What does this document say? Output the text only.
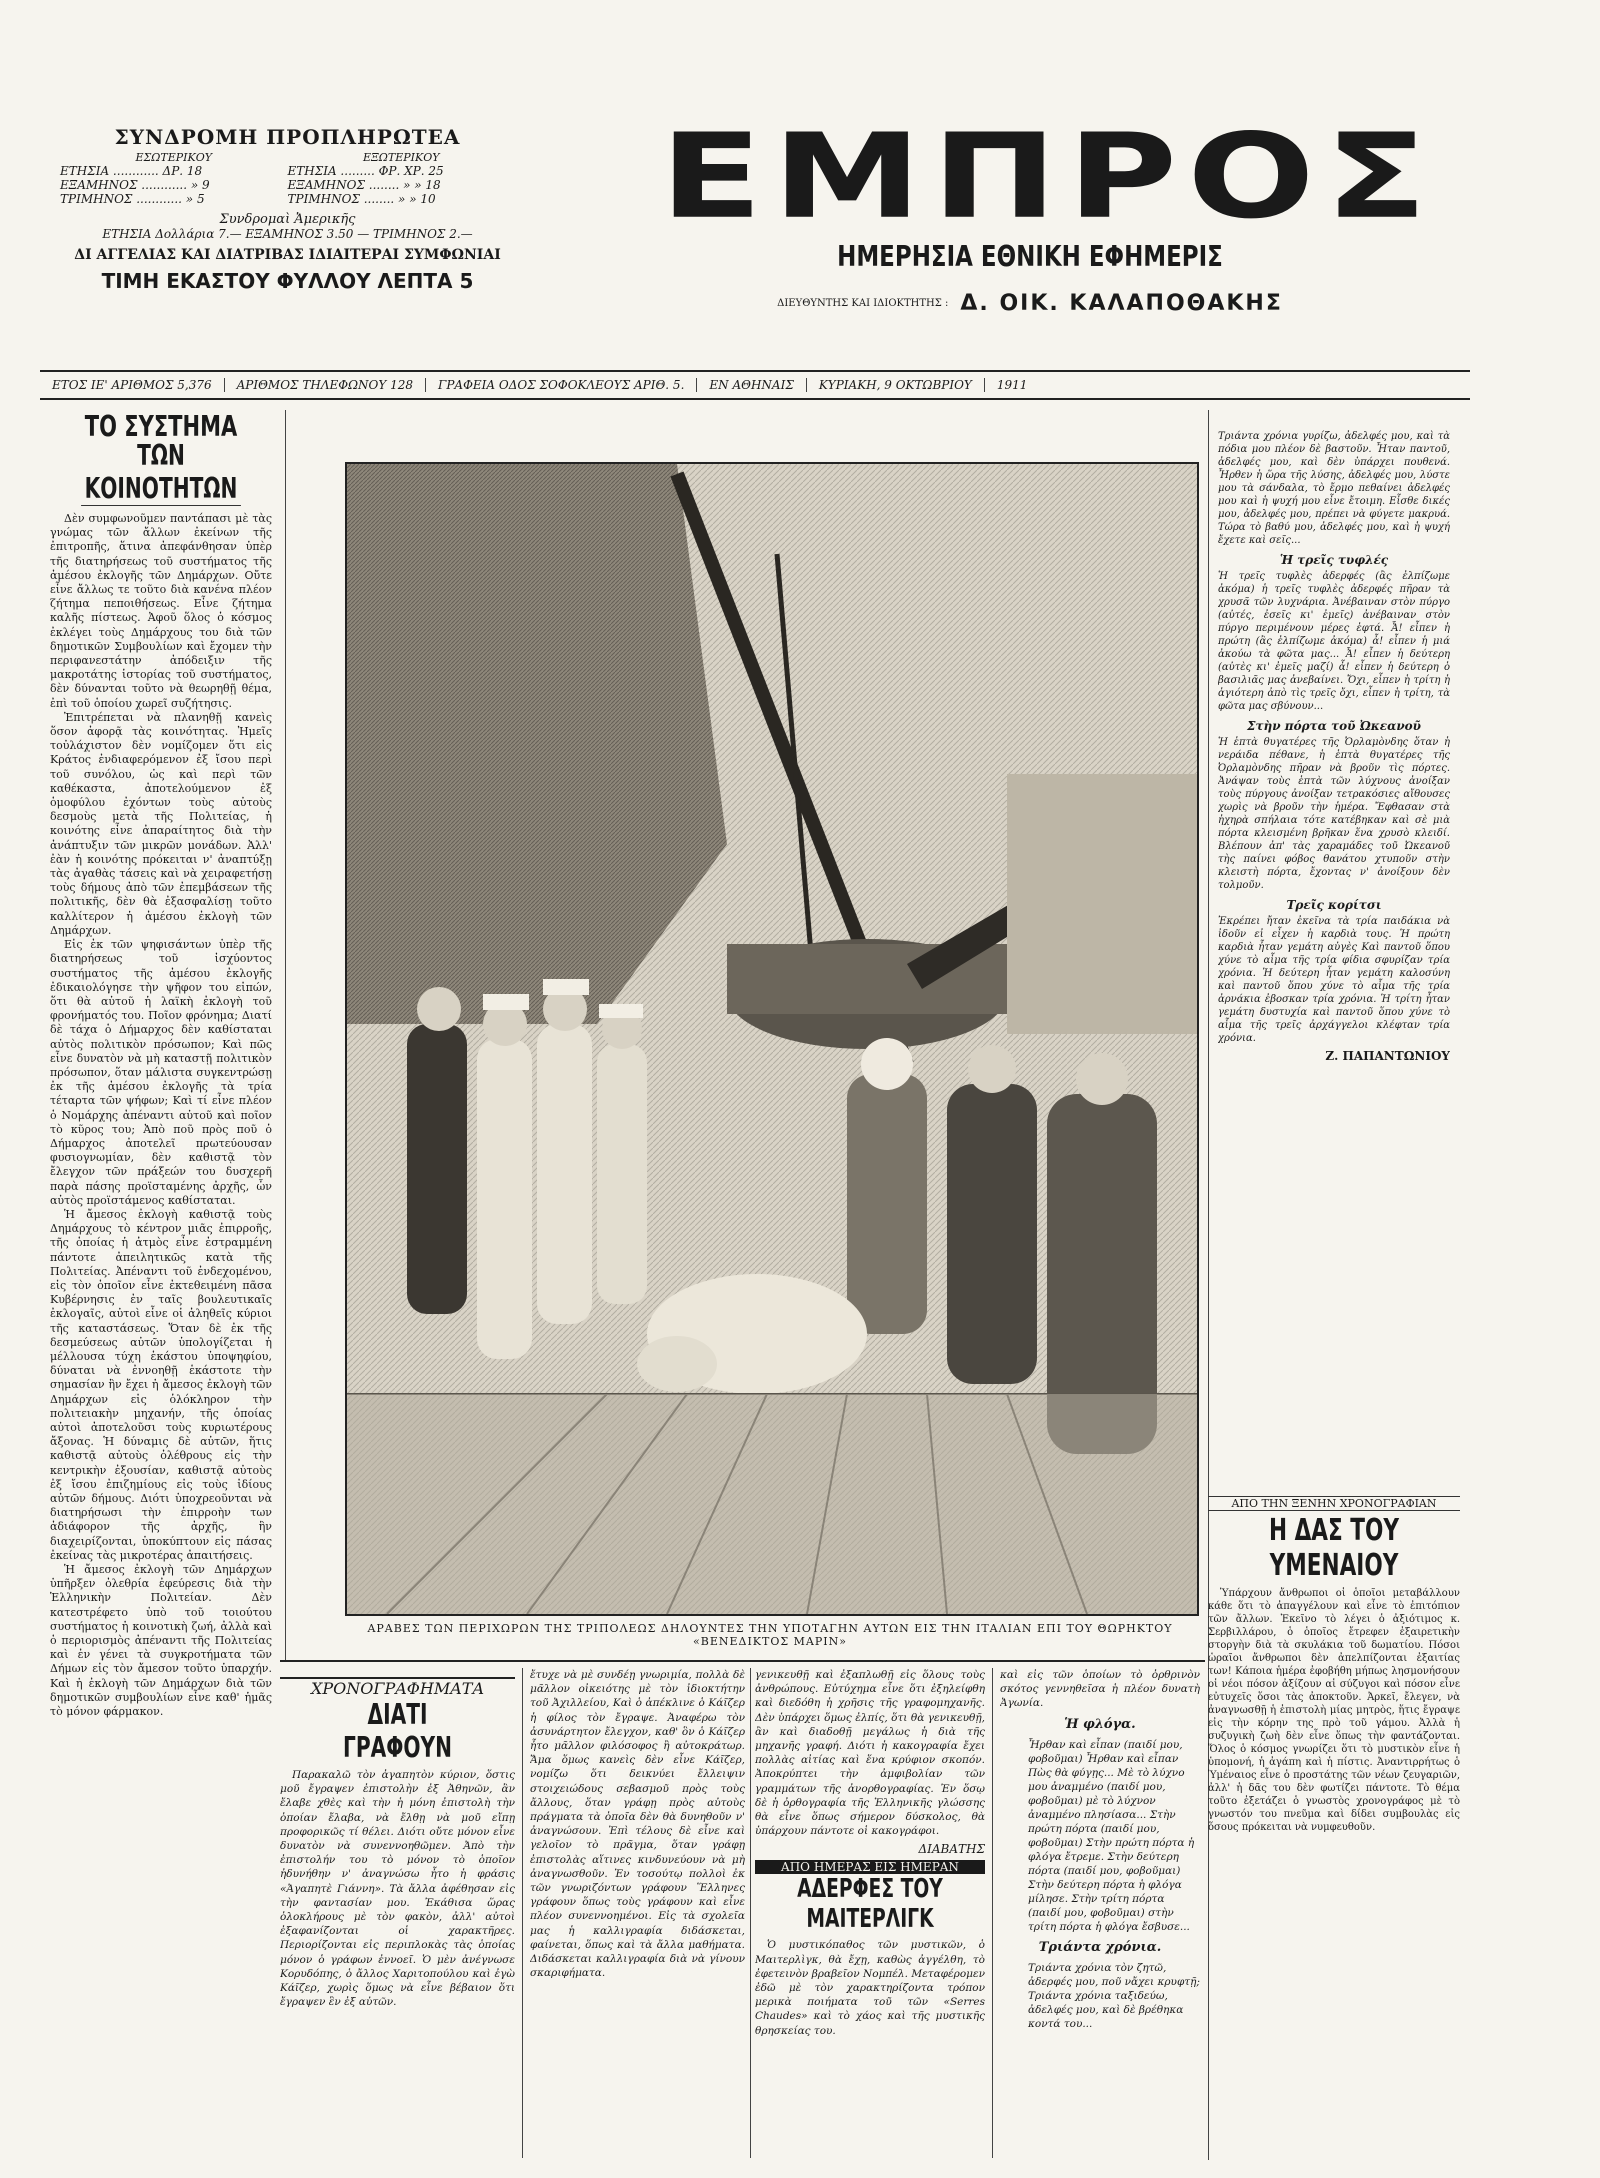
ΣΥΝΔΡΟΜΗ ΠΡΟΠΛΗΡΩΤΕΑ
ΕΣΩΤΕΡΙΚΟΥ	ΕΞΩΤΕΡΙΚΟΥ
ΕΤΗΣΙΑ ............ ΔΡ. 18	ΕΤΗΣΙΑ ......... ΦΡ. ΧΡ. 25
ΕΞΑΜΗΝΟΣ ............ » 9	ΕΞΑΜΗΝΟΣ ........ » » 18
ΤΡΙΜΗΝΟΣ ............ » 5	ΤΡΙΜΗΝΟΣ ........ » » 10
Συνδρομαὶ Ἀμερικῆς
ΕΤΗΣΙΑ Δολλάρια 7.— ΕΞΑΜΗΝΟΣ 3.50 — ΤΡΙΜΗΝΟΣ 2.—
ΔΙ ΑΓΓΕΛΙΑΣ ΚΑΙ ΔΙΑΤΡΙΒΑΣ ΙΔΙΑΙΤΕΡΑΙ ΣΥΜΦΩΝΙΑΙ
ΤΙΜΗ ΕΚΑΣΤΟΥ ΦΥΛΛΟΥ ΛΕΠΤΑ 5
ΕΜΠΡΟΣ
ΗΜΕΡΗΣΙΑ ΕΘΝΙΚΗ ΕΦΗΜΕΡΙΣ
ΔΙΕΥΘΥΝΤΗΣ ΚΑΙ ΙΔΙΟΚΤΗΤΗΣ : Δ. ΟΙΚ. ΚΑΛΑΠΟΘΑΚΗΣ
ΕΤΟΣ ΙΕ' ΑΡΙΘΜΟΣ 5,376	ΑΡΙΘΜΟΣ ΤΗΛΕΦΩΝΟΥ 128	ΓΡΑΦΕΙΑ ΟΔΟΣ ΣΟΦΟΚΛΕΟΥΣ ΑΡΙΘ. 5.	ΕΝ ΑΘΗΝΑΙΣ	ΚΥΡΙΑΚΗ, 9 ΟΚΤΩΒΡΙΟΥ	1911
ΤΟ ΣΥΣΤΗΜΑ
ΤΩΝ ΚΟΙΝΟΤΗΤΩΝ

Δὲν συμφωνοῦμεν παντάπασι μὲ τὰς γνώμας τῶν ἄλλων ἐκείνων τῆς ἐπιτροπῆς, ἅτινα ἀπεφάνθησαν ὑπὲρ τῆς διατηρήσεως τοῦ συστήματος τῆς ἀμέσου ἐκλογῆς τῶν Δημάρχων. Οὔτε εἶνε ἄλλως τε τοῦτο διὰ κανένα πλέον ζήτημα πεποιθήσεως. Εἶνε ζήτημα καλῆς πίστεως. Ἀφοῦ ὅλος ὁ κόσμος ἐκλέγει τοὺς Δημάρχους του διὰ τῶν δημοτικῶν Συμβουλίων καὶ ἔχομεν τὴν περιφανεστάτην ἀπόδειξιν τῆς μακροτάτης ἱστορίας τοῦ συστήματος, δὲν δύνανται τοῦτο νὰ θεωρηθῇ θέμα, ἐπὶ τοῦ ὁποίου χωρεῖ συζήτησις.

Ἐπιτρέπεται νὰ πλανηθῇ κανεὶς ὅσον ἀφορᾷ τὰς κοινότητας. Ἡμεῖς τοὐλάχιστον δὲν νομίζομεν ὅτι εἰς Κράτος ἐνδιαφερόμενον ἐξ ἴσου περὶ τοῦ συνόλου, ὡς καὶ περὶ τῶν καθέκαστα, ἀποτελούμενον ἐξ ὁμοφύλου ἐχόντων τοὺς αὐτοὺς δεσμοὺς μετὰ τῆς Πολιτείας, ἡ κοινότης εἶνε ἀπαραίτητος διὰ τὴν ἀνάπτυξιν τῶν μικρῶν μονάδων. Ἀλλ' ἐὰν ἡ κοινότης πρόκειται ν' ἀναπτύξῃ τὰς ἀγαθὰς τάσεις καὶ νὰ χειραφετήσῃ τοὺς δήμους ἀπὸ τῶν ἐπεμβάσεων τῆς πολιτικῆς, δὲν θὰ ἐξασφαλίσῃ τοῦτο καλλίτερον ἡ ἀμέσου ἐκλογὴ τῶν Δημάρχων.

Εἰς ἐκ τῶν ψηφισάντων ὑπὲρ τῆς διατηρήσεως τοῦ ἰσχύοντος συστήματος τῆς ἀμέσου ἐκλογῆς ἐδικαιολόγησε τὴν ψῆφον του εἰπών, ὅτι θὰ αὐτοῦ ἡ λαϊκὴ ἐκλογὴ τοῦ φρονήματός του. Ποῖον φρόνημα; Διατί δὲ τάχα ὁ Δήμαρχος δὲν καθίσταται αὐτὸς πολιτικὸν πρόσωπον; Καὶ πῶς εἶνε δυνατὸν νὰ μὴ καταστῇ πολιτικὸν πρόσωπον, ὅταν μάλιστα συγκεντρώσῃ ἐκ τῆς ἀμέσου ἐκλογῆς τὰ τρία τέταρτα τῶν ψήφων; Καὶ τί εἶνε πλέον ὁ Νομάρχης ἀπέναντι αὐτοῦ καὶ ποῖον τὸ κῦρος του; Ἀπὸ ποῦ πρὸς ποῦ ὁ Δήμαρχος ἀποτελεῖ πρωτεύουσαν φυσιογνωμίαν, δὲν καθιστᾷ τὸν ἔλεγχον τῶν πράξεών του δυσχερῆ παρὰ πάσης προϊσταμένης ἀρχῆς, ὧν αὐτὸς προϊστάμενος καθίσταται.

Ἡ ἄμεσος ἐκλογὴ καθιστᾷ τοὺς Δημάρχους τὸ κέντρον μιᾶς ἐπιρροῆς, τῆς ὁποίας ἡ ἀτμὸς εἶνε ἐστραμμένη πάντοτε ἀπειλητικῶς κατὰ τῆς Πολιτείας. Ἀπέναντι τοῦ ἐνδεχομένου, εἰς τὸν ὁποῖον εἶνε ἐκτεθειμένη πᾶσα Κυβέρνησις ἐν ταῖς βουλευτικαῖς ἐκλογαῖς, αὐτοὶ εἶνε οἱ ἀληθεῖς κύριοι τῆς καταστάσεως. Ὅταν δὲ ἐκ τῆς δεσμεύσεως αὐτῶν ὑπολογίζεται ἡ μέλλουσα τύχη ἑκάστου ὑποψηφίου, δύναται νὰ ἐννοηθῇ ἑκάστοτε τὴν σημασίαν ἣν ἔχει ἡ ἄμεσος ἐκλογὴ τῶν Δημάρχων εἰς ὁλόκληρον τὴν πολιτειακὴν μηχανήν, τῆς ὁποίας αὐτοὶ ἀποτελοῦσι τοὺς κυριωτέρους ἄξονας. Ἡ δύναμις δὲ αὐτῶν, ἥτις καθιστᾷ αὐτοὺς ὀλέθρους εἰς τὴν κεντρικὴν ἐξουσίαν, καθιστᾷ αὐτοὺς ἐξ ἴσου ἐπιζημίους εἰς τοὺς ἰδίους αὐτῶν δήμους. Διότι ὑποχρεοῦνται νὰ διατηρήσωσι τὴν ἐπιρροὴν των ἀδιάφορον τῆς ἀρχῆς, ἣν διαχειρίζονται, ὑποκύπτουν εἰς πάσας ἐκείνας τὰς μικροτέρας ἀπαιτήσεις.

Ἡ ἄμεσος ἐκλογὴ τῶν Δημάρχων ὑπῆρξεν ὀλεθρία ἐφεύρεσις διὰ τὴν Ἑλληνικὴν Πολιτείαν. Δὲν κατεστρέφετο ὑπὸ τοῦ τοιούτου συστήματος ἡ κοινοτικὴ ζωή, ἀλλὰ καὶ ὁ περιορισμὸς ἀπέναντι τῆς Πολιτείας καὶ ἐν γένει τὰ συγκροτήματα τῶν Δήμων εἰς τὸν ἄμεσον τοῦτο ὑπαρχήν. Καὶ ἡ ἐκλογὴ τῶν Δημάρχων διὰ τῶν δημοτικῶν συμβουλίων εἶνε καθ' ἡμᾶς τὸ μόνον φάρμακον.

ΑΡΑΒΕΣ ΤΩΝ ΠΕΡΙΧΩΡΩΝ ΤΗΣ ΤΡΙΠΟΛΕΩΣ ΔΗΛΟΥΝΤΕΣ ΤΗΝ ΥΠΟΤΑΓΗΝ ΑΥΤΩΝ ΕΙΣ ΤΗΝ ΙΤΑΛΙΑΝ ΕΠΙ ΤΟΥ ΘΩΡΗΚΤΟΥ «ΒΕΝΕΔΙΚΤΟΣ ΜΑΡΙΝ»
Τριάντα χρόνια γυρίζω, ἀδελφές μου, καὶ τὰ πόδια μου πλέον δὲ βαστοῦν. Ἦταν παντοῦ, ἀδελφές μου, καὶ δὲν ὑπάρχει πουθενά. Ἦρθεν ἡ ὥρα τῆς λύσης, ἀδελφές μου, λύστε μου τὰ σάνδαλα, τὸ ἔρμο πεθαίνει ἀδελφές μου καὶ ἡ ψυχή μου εἶνε ἔτοιμη. Εἶσθε δικές μου, ἀδελφές μου, πρέπει νὰ φύγετε μακρυά. Τώρα τὸ βαθύ μου, ἀδελφές μου, καὶ ἡ ψυχή ἔχετε καὶ σεῖς...
Ἡ τρεῖς τυφλές
Ἡ τρεῖς τυφλὲς ἀδερφές (ἂς ἐλπίζωμε ἀκόμα) ἡ τρεῖς τυφλὲς ἀδερφές πῆραν τὰ χρυσᾶ τῶν λυχνάρια. Ἀνέβαιναν στὸν πύργο (αὐτές, ἐσεῖς κι' ἐμεῖς) ἀνέβαιναν στὸν πύργο περιμένουν μέρες ἑφτά. Ἆ! εἶπεν ἡ πρώτη (ἂς ἐλπίζωμε ἀκόμα) ἆ! εἶπεν ἡ μιά ἀκούω τὰ φῶτα μας... Ἆ! εἶπεν ἡ δεύτερη (αὐτὲς κι' ἐμεῖς μαζί) ἆ! εἶπεν ἡ δεύτερη ὁ βασιλιᾶς μας ἀνεβαίνει. Ὄχι, εἶπεν ἡ τρίτη ἡ ἁγιότερη ἀπὸ τὶς τρεῖς ὄχι, εἶπεν ἡ τρίτη, τὰ φῶτα μας σβύνουν...
Στὴν πόρτα τοῦ Ὠκεανοῦ
Ἡ ἑπτὰ θυγατέρες τῆς Ὀρλαμὸνδης ὅταν ἡ νεράιδα πέθανε, ἡ ἑπτὰ θυγατέρες τῆς Ὀρλαμὸνδης πῆραν νὰ βροῦν τὶς πόρτες. Ἀνάψαν τοὺς ἑπτὰ τῶν λύχνους ἀνοίξαν τοὺς πύργους ἀνοίξαν τετρακόσιες αἴθουσες χωρὶς νὰ βροῦν τὴν ἡμέρα. Ἔφθασαν στὰ ἠχηρὰ σπήλαια τότε κατέβηκαν καὶ σὲ μιὰ πόρτα κλεισμένη βρῆκαν ἕνα χρυσὸ κλειδί. Βλέπουν ἀπ' τὰς χαραμάδες τοῦ Ὠκεανοῦ τὴς παίνει φόβος θανάτου χτυποῦν στὴν κλειστὴ πόρτα, ἔχοντας ν' ἀνοίξουν δὲν τολμοῦν.
Τρεῖς κορίτσι
Ἐκρέπει ἤταν ἐκεῖνα τὰ τρία παιδάκια νὰ ἰδοῦν εἰ εἶχεν ἡ καρδιὰ τους. Ἡ πρώτη καρδιὰ ἦταν γεμάτη αὐγὲς Καὶ παντοῦ ὅπου χύνε τὸ αἷμα τῆς τρία φίδια σφυρίζαν τρία χρόνια. Ἡ δεύτερη ἦταν γεμάτη καλοσύνη καὶ παντοῦ ὅπου χύνε τὸ αἷμα τῆς τρία ἀρνάκια ἐβοσκαν τρία χρόνια. Ἡ τρίτη ἦταν γεμάτη δυστυχία καὶ παντοῦ ὅπου χύνε τὸ αἷμα τῆς τρεῖς ἀρχάγγελοι κλέφταν τρία χρόνια.
Ζ. ΠΑΠΑΝΤΩΝΙΟΥ
ΑΠΟ ΤΗΝ ΞΕΝΗΝ ΧΡΟΝΟΓΡΑΦΙΑΝ
Η ΔΑΣ ΤΟΥ ΥΜΕΝΑΙΟΥ

Ὑπάρχουν ἄνθρωποι οἱ ὁποῖοι μεταβάλλουν κάθε ὅτι τὸ ἀπαγγέλουν καὶ εἶνε τὸ ἐπιτόπιον τῶν ἄλλων. Ἐκεῖνο τὸ λέγει ὁ ἀξιότιμος κ. Σερβιλλάρου, ὁ ὁποῖος ἔτρεφεν ἐξαιρετικὴν στοργὴν διὰ τὰ σκυλάκια τοῦ δωματίου. Πόσοι ὡραῖοι ἄνθρωποι δὲν ἀπελπίζονται ἐξαιτίας των! Κάποια ἡμέρα ἐφοβήθη μήπως λησμονήσουν οἱ νέοι πόσον ἀξίζουν αἱ σύζυγοι καὶ πόσον εἶνε εὐτυχεῖς ὅσοι τὰς ἀποκτοῦν. Ἀρκεῖ, ἔλεγεν, νὰ ἀναγνωσθῇ ἡ ἐπιστολὴ μίας μητρὸς, ἥτις ἔγραψε εἰς τὴν κόρην της πρὸ τοῦ γάμου. Ἀλλὰ ἡ συζυγικὴ ζωὴ δὲν εἶνε ὅπως τὴν φαντάζονται. Ὅλος ὁ κόσμος γνωρίζει ὅτι τὸ μυστικὸν εἶνε ἡ ὑπομονή, ἡ ἀγάπη καὶ ἡ πίστις. Ἀναντιρρήτως ὁ Ὑμέναιος εἶνε ὁ προστάτης τῶν νέων ζευγαριῶν, ἀλλ' ἡ δᾶς του δὲν φωτίζει πάντοτε. Τὸ θέμα τοῦτο ἐξετάζει ὁ γνωστὸς χρονογράφος μὲ τὸ γνωστόν του πνεῦμα καὶ δίδει συμβουλὰς εἰς ὅσους πρόκειται νὰ νυμφευθοῦν.

ΧΡΟΝΟΓΡΑΦΗΜΑΤΑ
ΔΙΑΤΙ ΓΡΑΦΟΥΝ

Παρακαλῶ τὸν ἀγαπητὸν κύριον, ὅστις μοῦ ἔγραψεν ἐπιστολὴν ἐξ Ἀθηνῶν, ἂν ἔλαβε χθὲς καὶ τὴν ἡ μόνη ἐπιστολὴ τὴν ὁποίαν ἔλαβα, νὰ ἔλθῃ νὰ μοῦ εἴπῃ προφορικῶς τί θέλει. Διότι οὔτε μόνον εἶνε δυνατὸν νὰ συνεννοηθῶμεν. Ἀπὸ τὴν ἐπιστολήν του τὸ μόνον τὸ ὁποῖον ἠδυνήθην ν' ἀναγνώσω ἦτο ἡ φράσις «Ἀγαπητὲ Γιάννη». Τὰ ἄλλα ἀφέθησαν εἰς τὴν φαντασίαν μου. Ἐκάθισα ὥρας ὁλοκλήρους μὲ τὸν φακὸν, ἀλλ' αὐτοὶ ἐξαφανίζονται οἱ χαρακτῆρες. Περιορίζονται εἰς περιπλοκὰς τὰς ὁποίας μόνον ὁ γράφων ἐννοεῖ. Ὁ μὲν ἀνέγνωσε Κορυδόπης, ὁ ἄλλος Χαριτοπούλου καὶ ἐγὼ Κάῖζερ, χωρὶς ὅμως νὰ εἶνε βέβαιον ὅτι ἔγραψεν ἓν ἐξ αὐτῶν.

ἔτυχε νὰ μὲ συνδέῃ γνωριμία, πολλὰ δὲ μᾶλλον οἰκειότης μὲ τὸν ἰδιοκτήτην τοῦ Ἀχιλλείου, Καὶ ὁ ἀπέκλινε ὁ Κάῖζερ ἡ φίλος τὸν ἔγραψε. Ἀναφέρω τὸν ἀσυνάρτητον ἔλεγχον, καθ' ὃν ὁ Κάῖζερ ἦτο μᾶλλον φιλόσοφος ἢ αὐτοκράτωρ. Ἄμα ὅμως κανεὶς δὲν εἶνε Κάῖζερ, νομίζω ὅτι δεικνύει ἔλλειψιν στοιχειώδους σεβασμοῦ πρὸς τοὺς ἄλλους, ὅταν γράφῃ πρὸς αὐτοὺς πράγματα τὰ ὁποῖα δὲν θὰ δυνηθοῦν ν' ἀναγνώσουν. Ἐπὶ τέλους δὲ εἶνε καὶ γελοῖον τὸ πρᾶγμα, ὅταν γράφῃ ἐπιστολὰς αἵτινες κινδυνεύουν νὰ μὴ ἀναγνωσθοῦν. Ἐν τοσούτῳ πολλοὶ ἐκ τῶν γνωριζόντων γράφουν Ἕλληνες γράφουν ὅπως τοὺς γράφουν καὶ εἶνε πλέον συνεννοημένοι. Εἰς τὰ σχολεῖα μας ἡ καλλιγραφία διδάσκεται, φαίνεται, ὅπως καὶ τὰ ἄλλα μαθήματα. Διδάσκεται καλλιγραφία διὰ νὰ γίνουν σκαριφήματα.

γενικευθῇ καὶ ἐξαπλωθῇ εἰς ὅλους τοὺς ἀνθρώπους. Εὐτύχημα εἶνε ὅτι ἐξηλείφθη καὶ διεδόθη ἡ χρῆσις τῆς γραφομηχανῆς. Δὲν ὑπάρχει ὅμως ἐλπίς, ὅτι θὰ γενικευθῇ, ἂν καὶ διαδοθῇ μεγάλως ἡ διὰ τῆς μηχανῆς γραφή. Διότι ἡ κακογραφία ἔχει πολλὰς αἰτίας καὶ ἕνα κρύφιον σκοπόν. Ἀποκρύπτει τὴν ἀμφιβολίαν τῶν γραμμάτων τῆς ἀνορθογραφίας. Ἐν ὅσῳ δὲ ἡ ὀρθογραφία τῆς Ἑλληνικῆς γλώσσης θὰ εἶνε ὅπως σήμερον δύσκολος, θὰ ὑπάρχουν πάντοτε οἱ κακογράφοι.

ΔΙΑΒΑΤΗΣ
ΑΠΟ ΗΜΕΡΑΣ ΕΙΣ ΗΜΕΡΑΝ
ΑΔΕΡΦΕΣ ΤΟΥ ΜΑΙΤΕΡΛΙΓΚ

Ὁ μυστικόπαθος τῶν μυστικῶν, ὁ Μαιτερλὶγκ, θὰ ἔχῃ, καθὼς ἀγγέλθη, τὸ ἐφετεινὸν βραβεῖον Νομπέλ. Μεταφέρομεν ἐδῶ μὲ τὸν χαρακτηρίζοντα τρόπον μερικὰ ποιήματα τοῦ τῶν «Serres Chaudes» καὶ τὸ χάος καὶ τῆς μυστικῆς θρησκείας του.

καὶ εἰς τῶν ὁποίων τὸ ὀρθρινὸν σκότος γεννηθεῖσα ἡ πλέον δυνατὴ Ἀγωνία.

Ἡ φλόγα.
Ἦρθαν καὶ εἶπαν (παιδί μου, φοβοῦμαι) Ἦρθαν καὶ εἶπαν Πὼς θὰ φύγῃς... Μὲ τὸ λύχνο μου ἀναμμένο (παιδί μου, φοβοῦμαι) μὲ τὸ λύχνον ἀναμμένο πλησίασα... Στὴν πρώτη πόρτα (παιδί μου, φοβοῦμαι) Στὴν πρώτη πόρτα ἡ φλόγα ἔτρεμε. Στὴν δεύτερη πόρτα (παιδί μου, φοβοῦμαι) Στὴν δεύτερη πόρτα ἡ φλόγα μίλησε. Στὴν τρίτη πόρτα (παιδί μου, φοβοῦμαι) στὴν τρίτη πόρτα ἡ φλόγα ἔσβυσε...
Τριάντα χρόνια.
Τριάντα χρόνια τὸν ζητῶ, ἀδερφές μου, ποῦ νἄχει κρυφτῇ; Τριάντα χρόνια ταξιδεύω, ἀδελφές μου, καὶ δὲ βρέθηκα κοντά του...
